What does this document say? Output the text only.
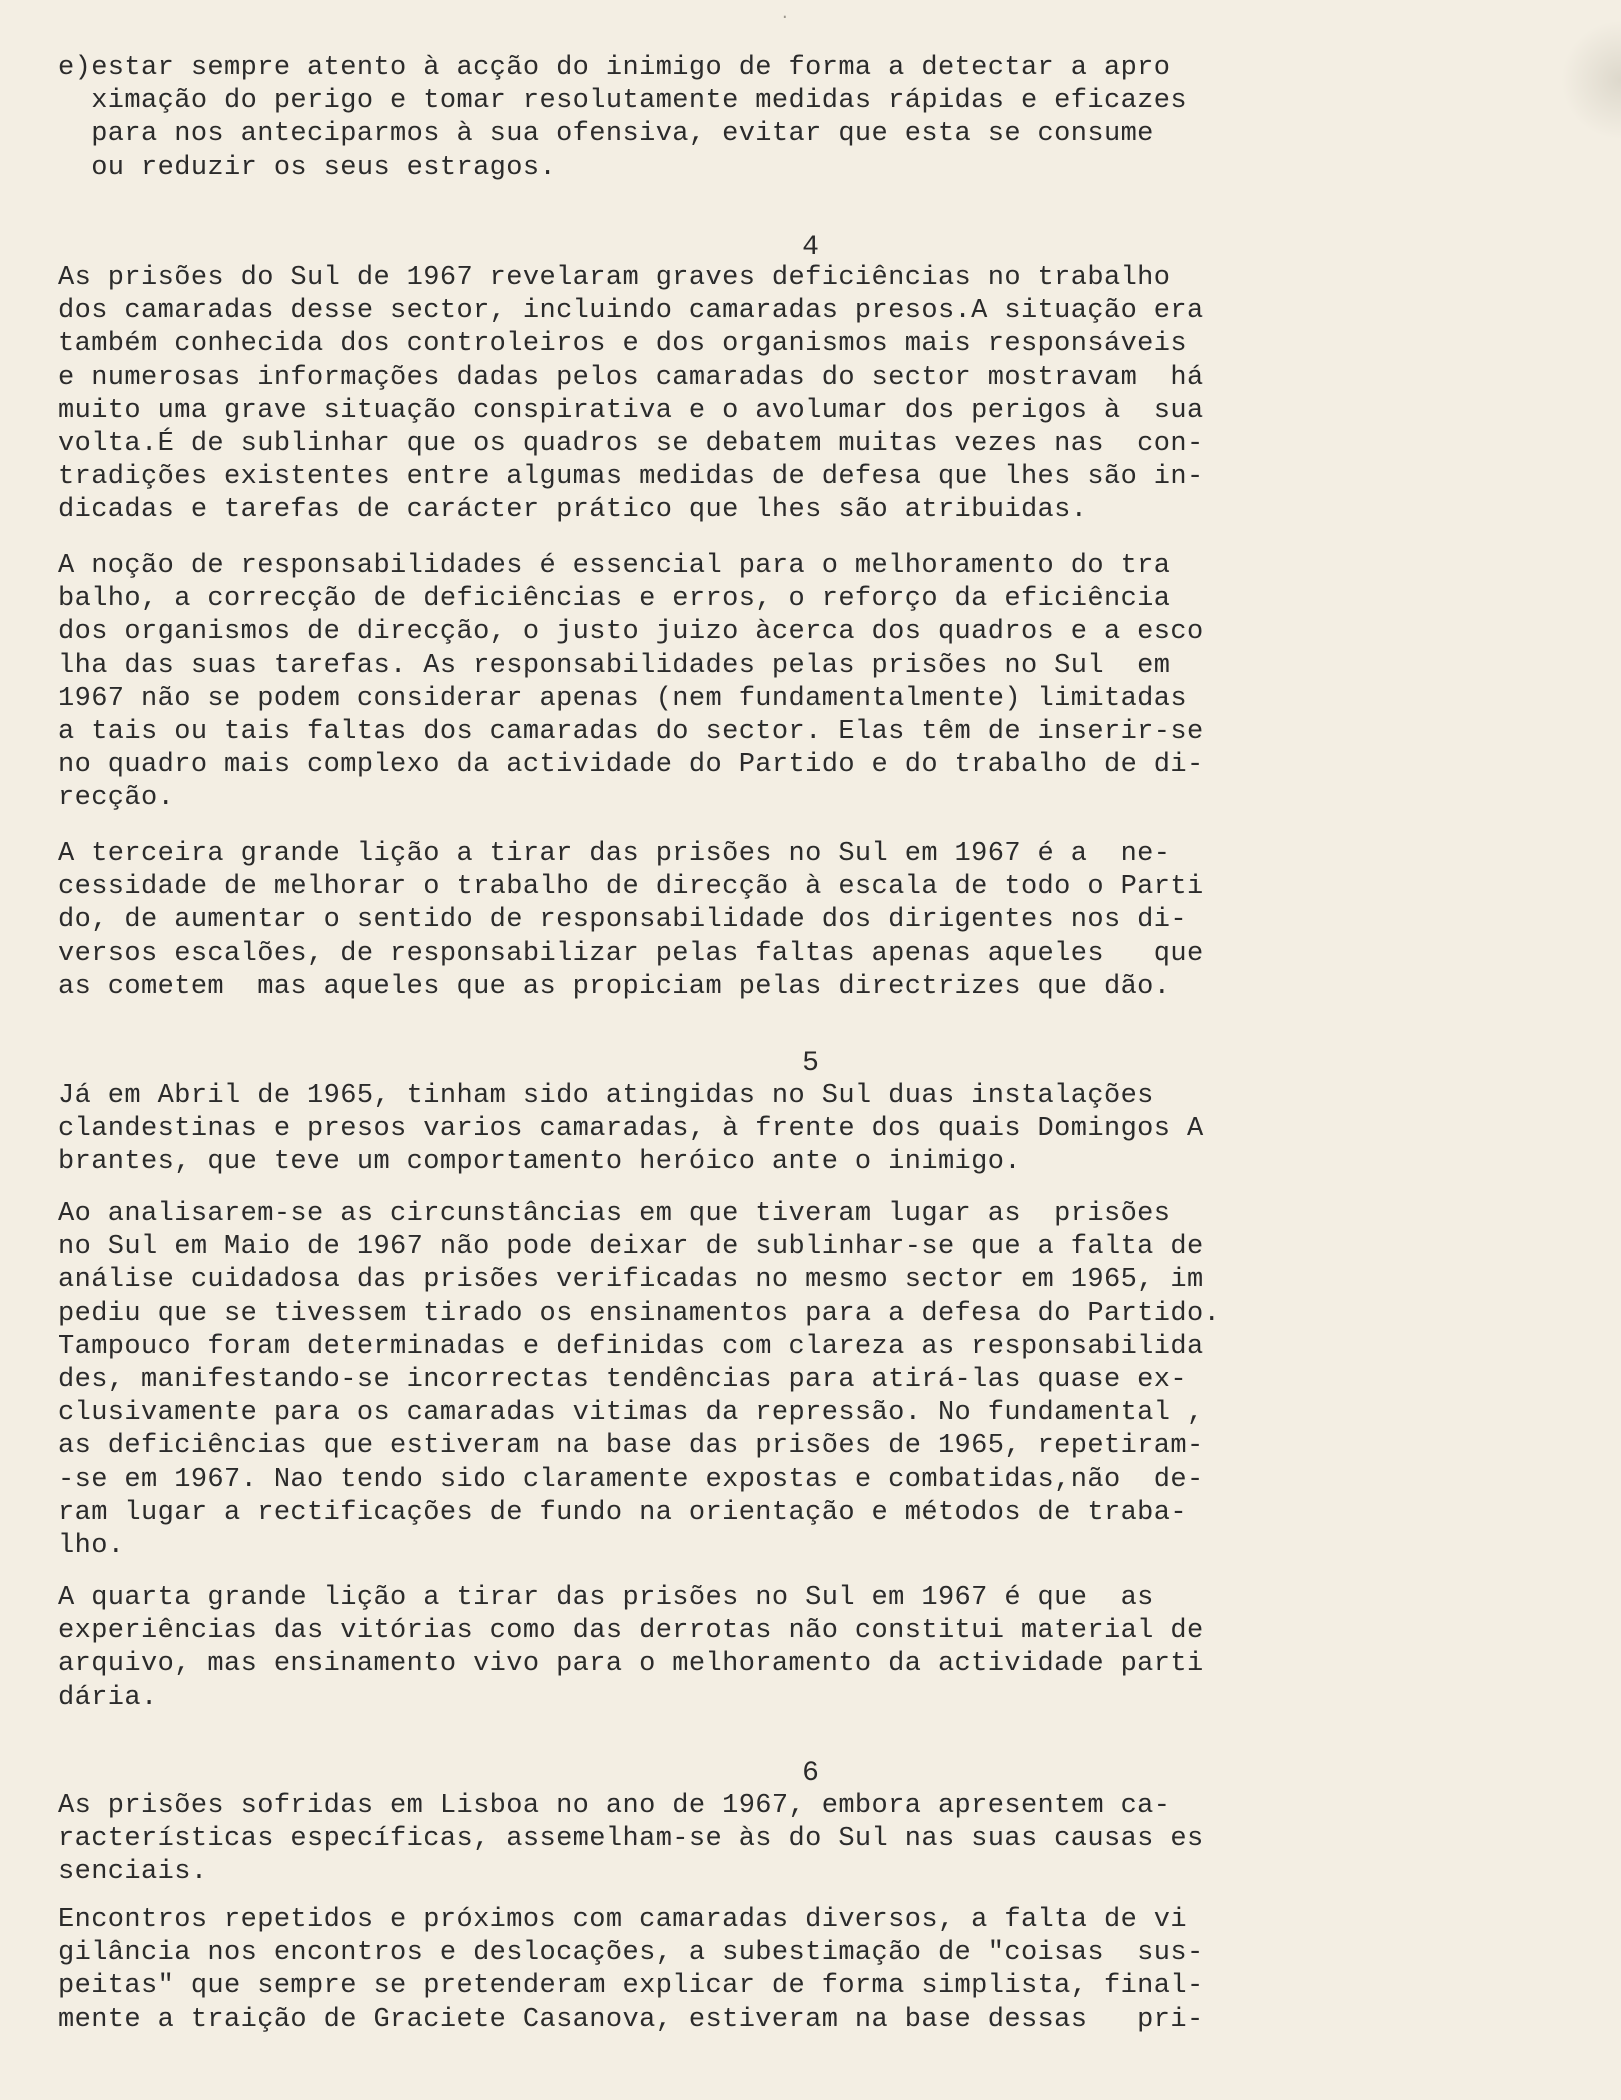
·
e)estar sempre atento à acção do inimigo de forma a detectar a apro
ximação do perigo e tomar resolutamente medidas rápidas e eficazes
para nos anteciparmos à sua ofensiva, evitar que esta se consume
ou reduzir os seus estragos.
4
As prisões do Sul de 1967 revelaram graves deficiências no trabalho
dos camaradas desse sector, incluindo camaradas presos.A situação era
também conhecida dos controleiros e dos organismos mais responsáveis
e numerosas informações dadas pelos camaradas do sector mostravam  há
muito uma grave situação conspirativa e o avolumar dos perigos à  sua
volta.É de sublinhar que os quadros se debatem muitas vezes nas  con-
tradições existentes entre algumas medidas de defesa que lhes são in-
dicadas e tarefas de carácter prático que lhes são atribuidas.
A noção de responsabilidades é essencial para o melhoramento do tra
balho, a correcção de deficiências e erros, o reforço da eficiência
dos organismos de direcção, o justo juizo àcerca dos quadros e a esco
lha das suas tarefas. As responsabilidades pelas prisões no Sul  em
1967 não se podem considerar apenas (nem fundamentalmente) limitadas
a tais ou tais faltas dos camaradas do sector. Elas têm de inserir-se
no quadro mais complexo da actividade do Partido e do trabalho de di-
recção.
A terceira grande lição a tirar das prisões no Sul em 1967 é a  ne-
cessidade de melhorar o trabalho de direcção à escala de todo o Parti
do, de aumentar o sentido de responsabilidade dos dirigentes nos di-
versos escalões, de responsabilizar pelas faltas apenas aqueles   que
as cometem  mas aqueles que as propiciam pelas directrizes que dão.
5
Já em Abril de 1965, tinham sido atingidas no Sul duas instalações
clandestinas e presos varios camaradas, à frente dos quais Domingos A
brantes, que teve um comportamento heróico ante o inimigo.
Ao analisarem-se as circunstâncias em que tiveram lugar as  prisões
no Sul em Maio de 1967 não pode deixar de sublinhar-se que a falta de
análise cuidadosa das prisões verificadas no mesmo sector em 1965, im
pediu que se tivessem tirado os ensinamentos para a defesa do Partido.
Tampouco foram determinadas e definidas com clareza as responsabilida
des, manifestando-se incorrectas tendências para atirá-las quase ex-
clusivamente para os camaradas vitimas da repressão. No fundamental ,
as deficiências que estiveram na base das prisões de 1965, repetiram-
-se em 1967. Nao tendo sido claramente expostas e combatidas,não  de-
ram lugar a rectificações de fundo na orientação e métodos de traba-
lho.
A quarta grande lição a tirar das prisões no Sul em 1967 é que  as
experiências das vitórias como das derrotas não constitui material de
arquivo, mas ensinamento vivo para o melhoramento da actividade parti
dária.
6
As prisões sofridas em Lisboa no ano de 1967, embora apresentem ca-
racterísticas específicas, assemelham-se às do Sul nas suas causas es
senciais.
Encontros repetidos e próximos com camaradas diversos, a falta de vi
gilância nos encontros e deslocações, a subestimação de "coisas  sus-
peitas" que sempre se pretenderam explicar de forma simplista, final-
mente a traição de Graciete Casanova, estiveram na base dessas   pri-
